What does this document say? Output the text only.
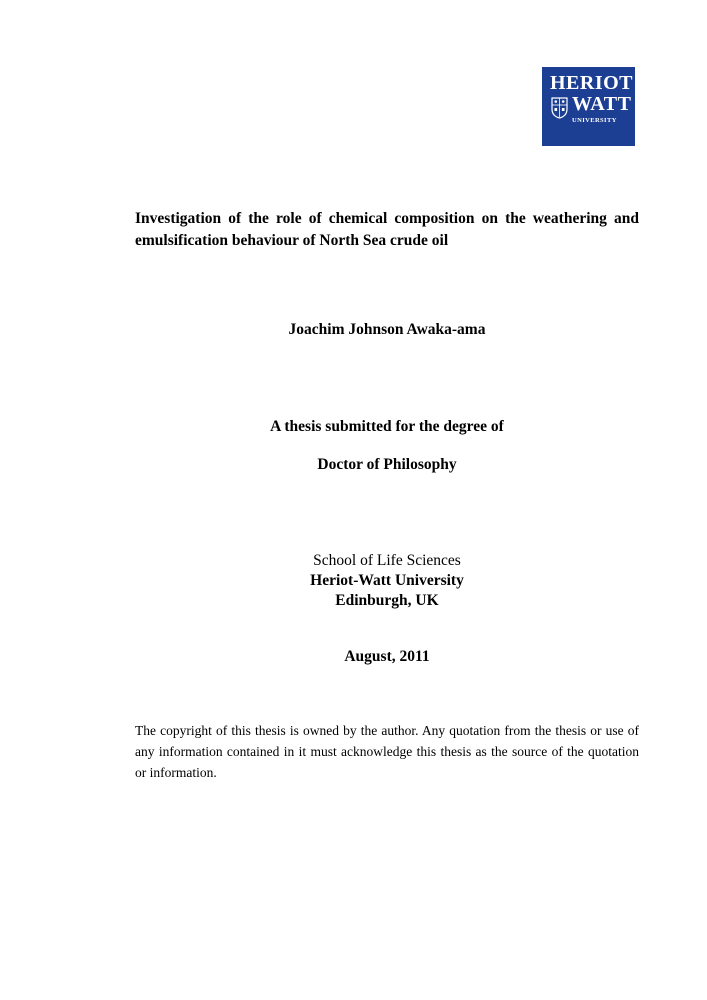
HERIOT
WATT
UNIVERSITY
Investigation of the role of chemical composition on the weathering and emulsification behaviour of North Sea crude oil
Joachim Johnson Awaka-ama
A thesis submitted for the degree of
Doctor of Philosophy
School of Life Sciences
Heriot-Watt University
Edinburgh, UK
August, 2011
The copyright of this thesis is owned by the author. Any quotation from the thesis or use of any information contained in it must acknowledge this thesis as the source of the quotation or information.
